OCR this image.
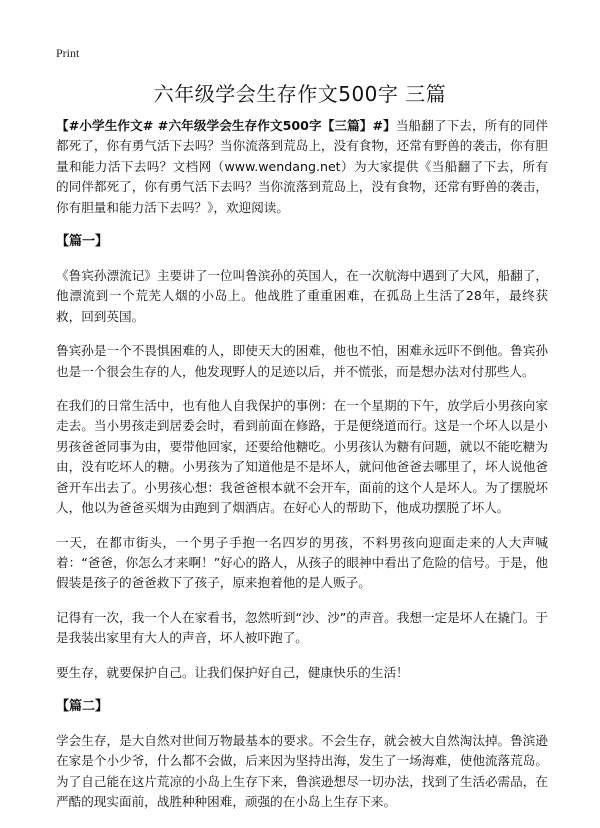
Print
六年级学会生存作文500字 三篇

【#小学生作文# #六年级学会生存作文500字【三篇】#】当船翻了下去，所有的同伴都死了，你有勇气活下去吗？当你流落到荒岛上，没有食物，还常有野兽的袭击，你有胆量和能力活下去吗？文档网（www.wendang.net）为大家提供《当船翻了下去，所有的同伴都死了，你有勇气活下去吗？当你流落到荒岛上，没有食物，还常有野兽的袭击，你有胆量和能力活下去吗？》，欢迎阅读。

【篇一】

《鲁宾孙漂流记》主要讲了一位叫鲁滨孙的英国人，在一次航海中遇到了大风，船翻了，他漂流到一个荒芜人烟的小岛上。他战胜了重重困难，在孤岛上生活了28年，最终获救，回到英国。

鲁宾孙是一个不畏惧困难的人，即使天大的困难，他也不怕，困难永远吓不倒他。鲁宾孙也是一个很会生存的人，他发现野人的足迹以后，并不慌张，而是想办法对付那些人。

在我们的日常生活中，也有他人自我保护的事例：在一个星期的下午，放学后小男孩向家走去。当小男孩走到居委会时，看到前面在修路，于是便绕道而行。这是一个坏人以是小男孩爸爸同事为由，要带他回家，还要给他糖吃。小男孩认为糖有问题，就以不能吃糖为由，没有吃坏人的糖。小男孩为了知道他是不是坏人，就问他爸爸去哪里了，坏人说他爸爸开车出去了。小男孩心想：我爸爸根本就不会开车，面前的这个人是坏人。为了摆脱坏人，他以为爸爸买烟为由跑到了烟酒店。在好心人的帮助下，他成功摆脱了坏人。

一天，在都市街头，一个男子手抱一名四岁的男孩，不料男孩向迎面走来的人大声喊着：“爸爸，你怎么才来啊！”好心的路人，从孩子的眼神中看出了危险的信号。于是，他假装是孩子的爸爸救下了孩子，原来抱着他的是人贩子。

记得有一次，我一个人在家看书，忽然听到“沙、沙”的声音。我想一定是坏人在撬门。于是我装出家里有大人的声音，坏人被吓跑了。

要生存，就要保护自己。让我们保护好自己，健康快乐的生活！

【篇二】

学会生存，是大自然对世间万物最基本的要求。不会生存，就会被大自然淘汰掉。鲁滨逊在家是个小少爷，什么都不会做，后来因为坚持出海，发生了一场海难，使他流落荒岛。为了自己能在这片荒凉的小岛上生存下来，鲁滨逊想尽一切办法，找到了生活必需品，在严酷的现实面前，战胜种种困难，顽强的在小岛上生存下来。
